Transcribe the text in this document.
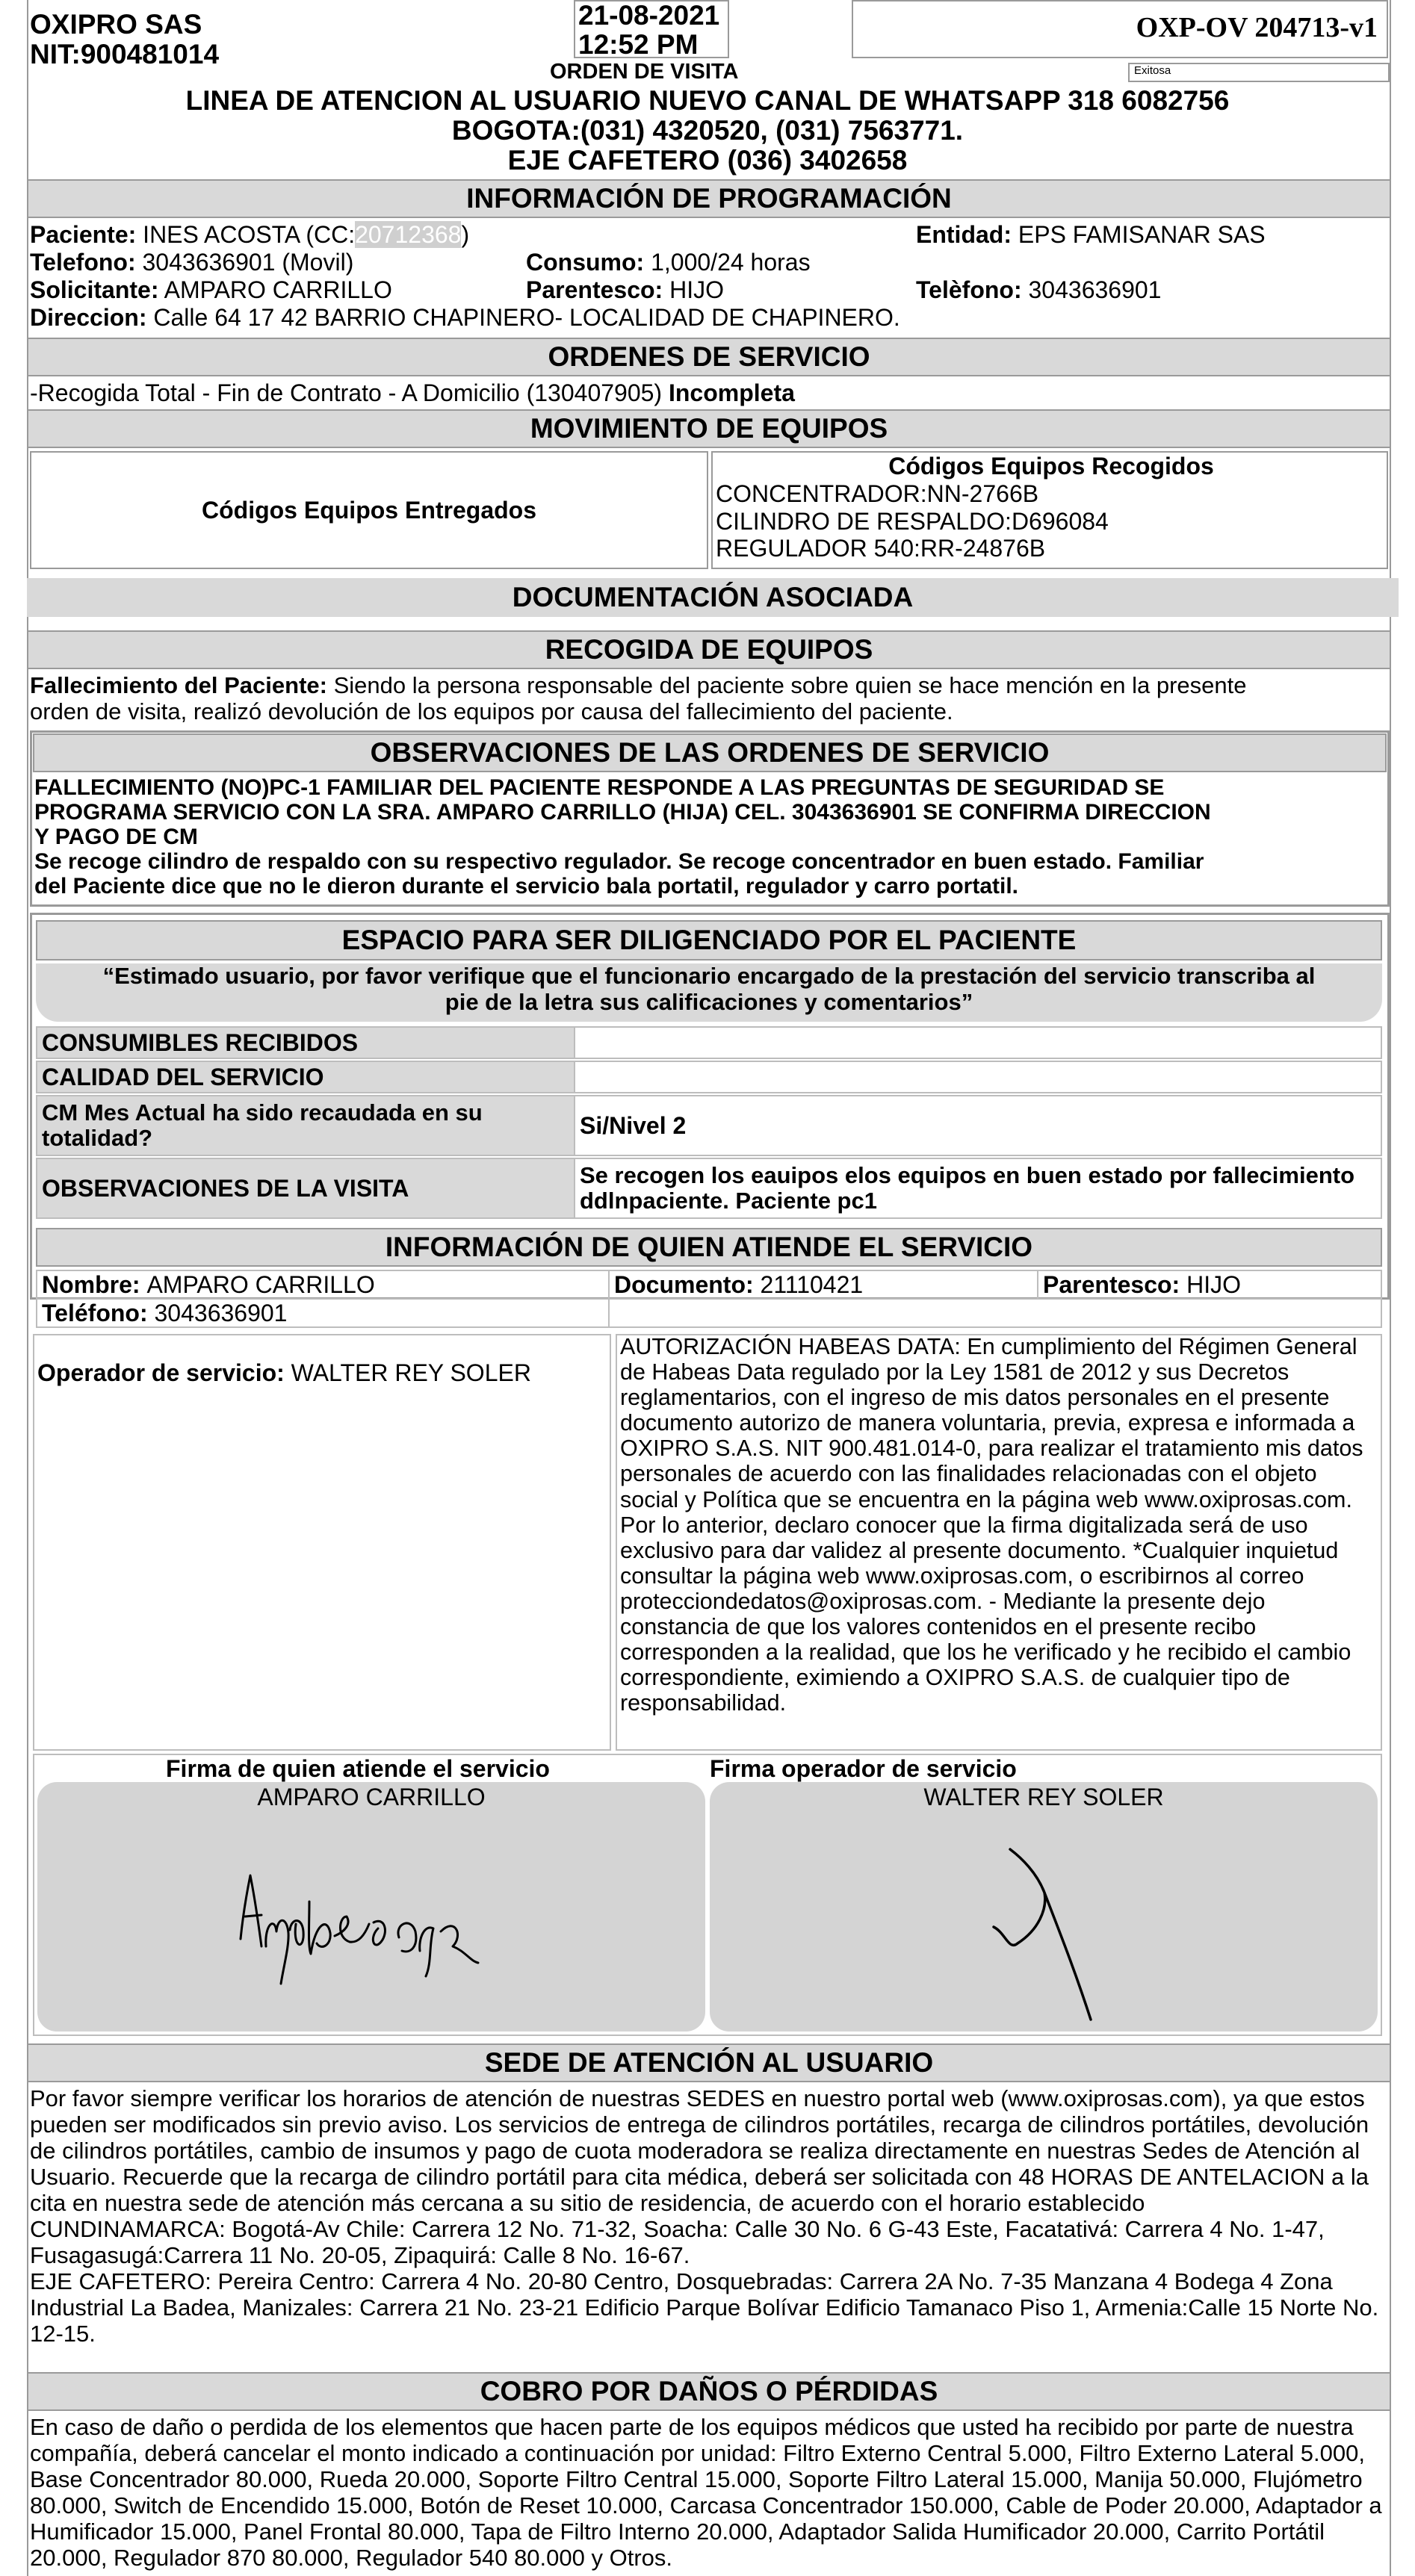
OXIPRO SAS
NIT:900481014
21-08-2021
12:52 PM
ORDEN DE VISITA
OXP-OV 204713-v1
Exitosa
LINEA DE ATENCION AL USUARIO NUEVO CANAL DE WHATSAPP 318 6082756
BOGOTA:(031) 4320520, (031) 7563771.
EJE CAFETERO (036) 3402658
INFORMACIÓN DE PROGRAMACIÓN
Paciente: INES ACOSTA (CC:20712368)	Entidad: EPS FAMISANAR SAS
Telefono: 3043636901 (Movil)	Consumo: 1,000/24 horas
Solicitante: AMPARO CARRILLO	Parentesco: HIJO	Telèfono: 3043636901
Direccion: Calle 64 17 42 BARRIO CHAPINERO- LOCALIDAD DE CHAPINERO.
ORDENES DE SERVICIO
-Recogida Total - Fin de Contrato - A Domicilio (130407905) Incompleta
MOVIMIENTO DE EQUIPOS
Códigos Equipos Entregados
Códigos Equipos Recogidos
CONCENTRADOR:NN-2766B
CILINDRO DE RESPALDO:D696084
REGULADOR 540:RR-24876B
DOCUMENTACIÓN ASOCIADA
RECOGIDA DE EQUIPOS
Fallecimiento del Paciente: Siendo la persona responsable del paciente sobre quien se hace mención en la presente
orden de visita, realizó devolución de los equipos por causa del fallecimiento del paciente.
OBSERVACIONES DE LAS ORDENES DE SERVICIO
FALLECIMIENTO (NO)PC-1 FAMILIAR DEL PACIENTE RESPONDE A LAS PREGUNTAS DE SEGURIDAD SE
PROGRAMA SERVICIO CON LA SRA. AMPARO CARRILLO (HIJA) CEL. 3043636901 SE CONFIRMA DIRECCION
Y PAGO DE CM
Se recoge cilindro de respaldo con su respectivo regulador. Se recoge concentrador en buen estado. Familiar
del Paciente dice que no le dieron durante el servicio bala portatil, regulador y carro portatil.
ESPACIO PARA SER DILIGENCIADO POR EL PACIENTE
“Estimado usuario, por favor verifique que el funcionario encargado de la prestación del servicio transcriba al
pie de la letra sus calificaciones y comentarios”
CONSUMIBLES RECIBIDOS
CALIDAD DEL SERVICIO
CM Mes Actual ha sido recaudada en su totalidad?	Si/Nivel 2
OBSERVACIONES DE LA VISITA	Se recogen los eauipos elos equipos en buen estado por fallecimiento ddlnpaciente. Paciente pc1
INFORMACIÓN DE QUIEN ATIENDE EL SERVICIO
Nombre:
AMPARO CARRILLO	Documento:
21110421	Parentesco:
HIJO
Teléfono:
3043636901
Operador de servicio: WALTER REY SOLER
AUTORIZACIÓN HABEAS DATA: En cumplimiento del Régimen General de Habeas Data regulado por la Ley 1581 de 2012 y sus Decretos reglamentarios, con el ingreso de mis datos personales en el presente documento autorizo de manera voluntaria, previa, expresa e informada a OXIPRO S.A.S. NIT 900.481.014-0, para realizar el tratamiento mis datos personales de acuerdo con las finalidades relacionadas con el objeto social y Política que se encuentra en la página web www.oxiprosas.com. Por lo anterior, declaro conocer que la firma digitalizada será de uso exclusivo para dar validez al presente documento. *Cualquier inquietud consultar la página web www.oxiprosas.com, o escribirnos al correo protecciondedatos@oxiprosas.com. - Mediante la presente dejo constancia de que los valores contenidos en el presente recibo corresponden a la realidad, que los he verificado y he recibido el cambio correspondiente, eximiendo a OXIPRO S.A.S. de cualquier tipo de responsabilidad.
Firma de quien atiende el servicio	Firma operador de servicio
AMPARO CARRILLO	WALTER REY SOLER
SEDE DE ATENCIÓN AL USUARIO
Por favor siempre verificar los horarios de atención de nuestras SEDES en nuestro portal web (www.oxiprosas.com), ya que estos pueden ser modificados sin previo aviso. Los servicios de entrega de cilindros portátiles, recarga de cilindros portátiles, devolución de cilindros portátiles, cambio de insumos y pago de cuota moderadora se realiza directamente en nuestras Sedes de Atención al Usuario. Recuerde que la recarga de cilindro portátil para cita médica, deberá ser solicitada con 48 HORAS DE ANTELACION a la cita en nuestra sede de atención más cercana a su sitio de residencia, de acuerdo con el horario establecido
CUNDINAMARCA: Bogotá-Av Chile: Carrera 12 No. 71-32, Soacha: Calle 30 No. 6 G-43 Este, Facatativá: Carrera 4 No. 1-47, Fusagasugá:Carrera 11 No. 20-05, Zipaquirá: Calle 8 No. 16-67.
EJE CAFETERO: Pereira Centro: Carrera 4 No. 20-80 Centro, Dosquebradas: Carrera 2A No. 7-35 Manzana 4 Bodega 4 Zona Industrial La Badea, Manizales: Carrera 21 No. 23-21 Edificio Parque Bolívar Edificio Tamanaco Piso 1, Armenia:Calle 15 Norte No. 12-15.
COBRO POR DAÑOS O PÉRDIDAS
En caso de daño o perdida de los elementos que hacen parte de los equipos médicos que usted ha recibido por parte de nuestra compañía, deberá cancelar el monto indicado a continuación por unidad: Filtro Externo Central 5.000, Filtro Externo Lateral 5.000, Base Concentrador 80.000, Rueda 20.000, Soporte Filtro Central 15.000, Soporte Filtro Lateral 15.000, Manija 50.000, Flujómetro 80.000, Switch de Encendido 15.000, Botón de Reset 10.000, Carcasa Concentrador 150.000, Cable de Poder 20.000, Adaptador a Humificador 15.000, Panel Frontal 80.000, Tapa de Filtro Interno 20.000, Adaptador Salida Humificador 20.000, Carrito Portátil 20.000, Regulador 870 80.000, Regulador 540 80.000 y Otros.
